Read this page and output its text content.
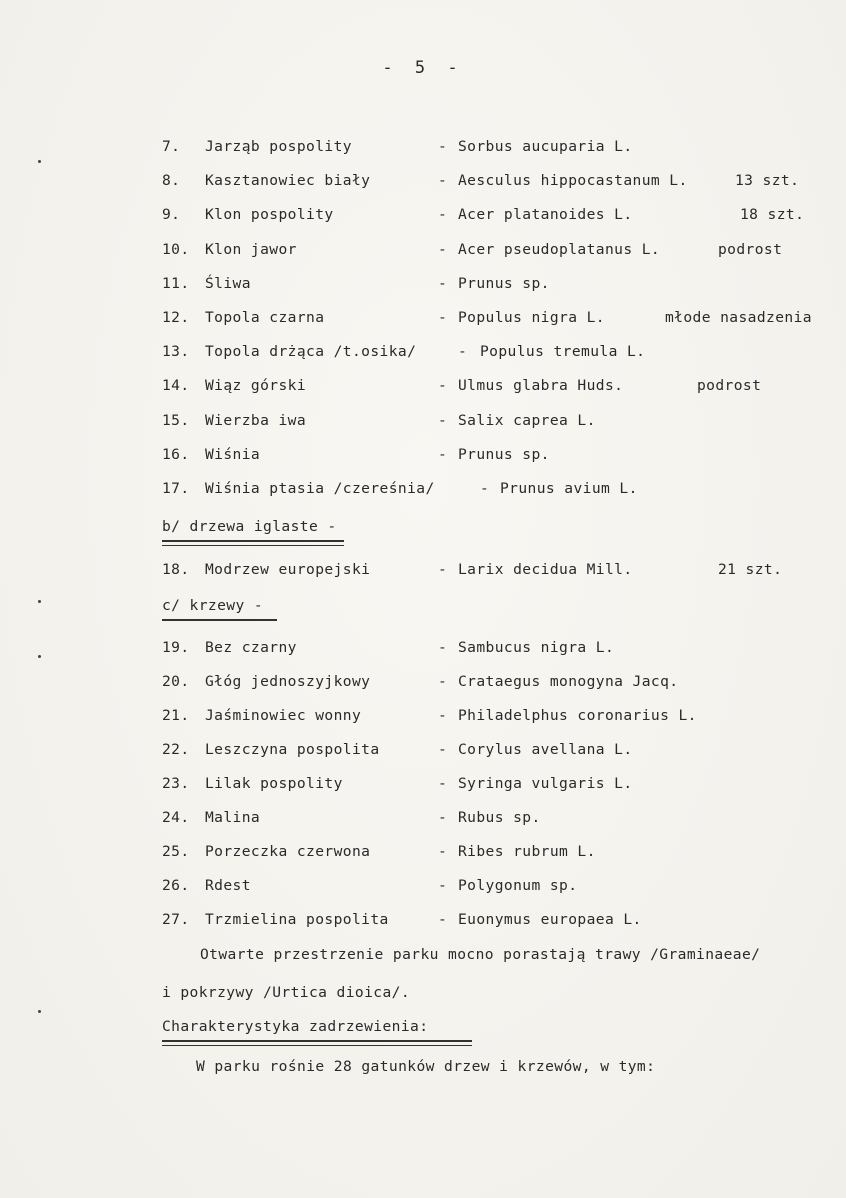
- 5 -
7. Jarząb pospolity	- Sorbus aucuparia L.
8. Kasztanowiec biały	- Aesculus hippocastanum L.	13 szt.
9. Klon pospolity	- Acer platanoides L.	18 szt.
10. Klon jawor	- Acer pseudoplatanus L.	podrost
11. Śliwa	- Prunus sp.
12. Topola czarna	- Populus nigra L.	młode nasadzenia
13. Topola drżąca /t.osika/	- Populus tremula L.
14. Wiąz górski	- Ulmus glabra Huds.	podrost
15. Wierzba iwa	- Salix caprea L.
16. Wiśnia	- Prunus sp.
17. Wiśnia ptasia /czereśnia/	- Prunus avium L.
b/ drzewa iglaste -
18. Modrzew europejski	- Larix decidua Mill.	21 szt.
c/ krzewy -
19. Bez czarny	- Sambucus nigra L.
20. Głóg jednoszyjkowy	- Crataegus monogyna Jacq.
21. Jaśminowiec wonny	- Philadelphus coronarius L.
22. Leszczyna pospolita	- Corylus avellana L.
23. Lilak pospolity	- Syringa vulgaris L.
24. Malina	- Rubus sp.
25. Porzeczka czerwona	- Ribes rubrum L.
26. Rdest	- Polygonum sp.
27. Trzmielina pospolita	- Euonymus europaea L.
Otwarte przestrzenie parku mocno porastają trawy /Graminaeae/
i pokrzywy /Urtica dioica/.
Charakterystyka zadrzewienia:
W parku rośnie 28 gatunków drzew i krzewów, w tym:
